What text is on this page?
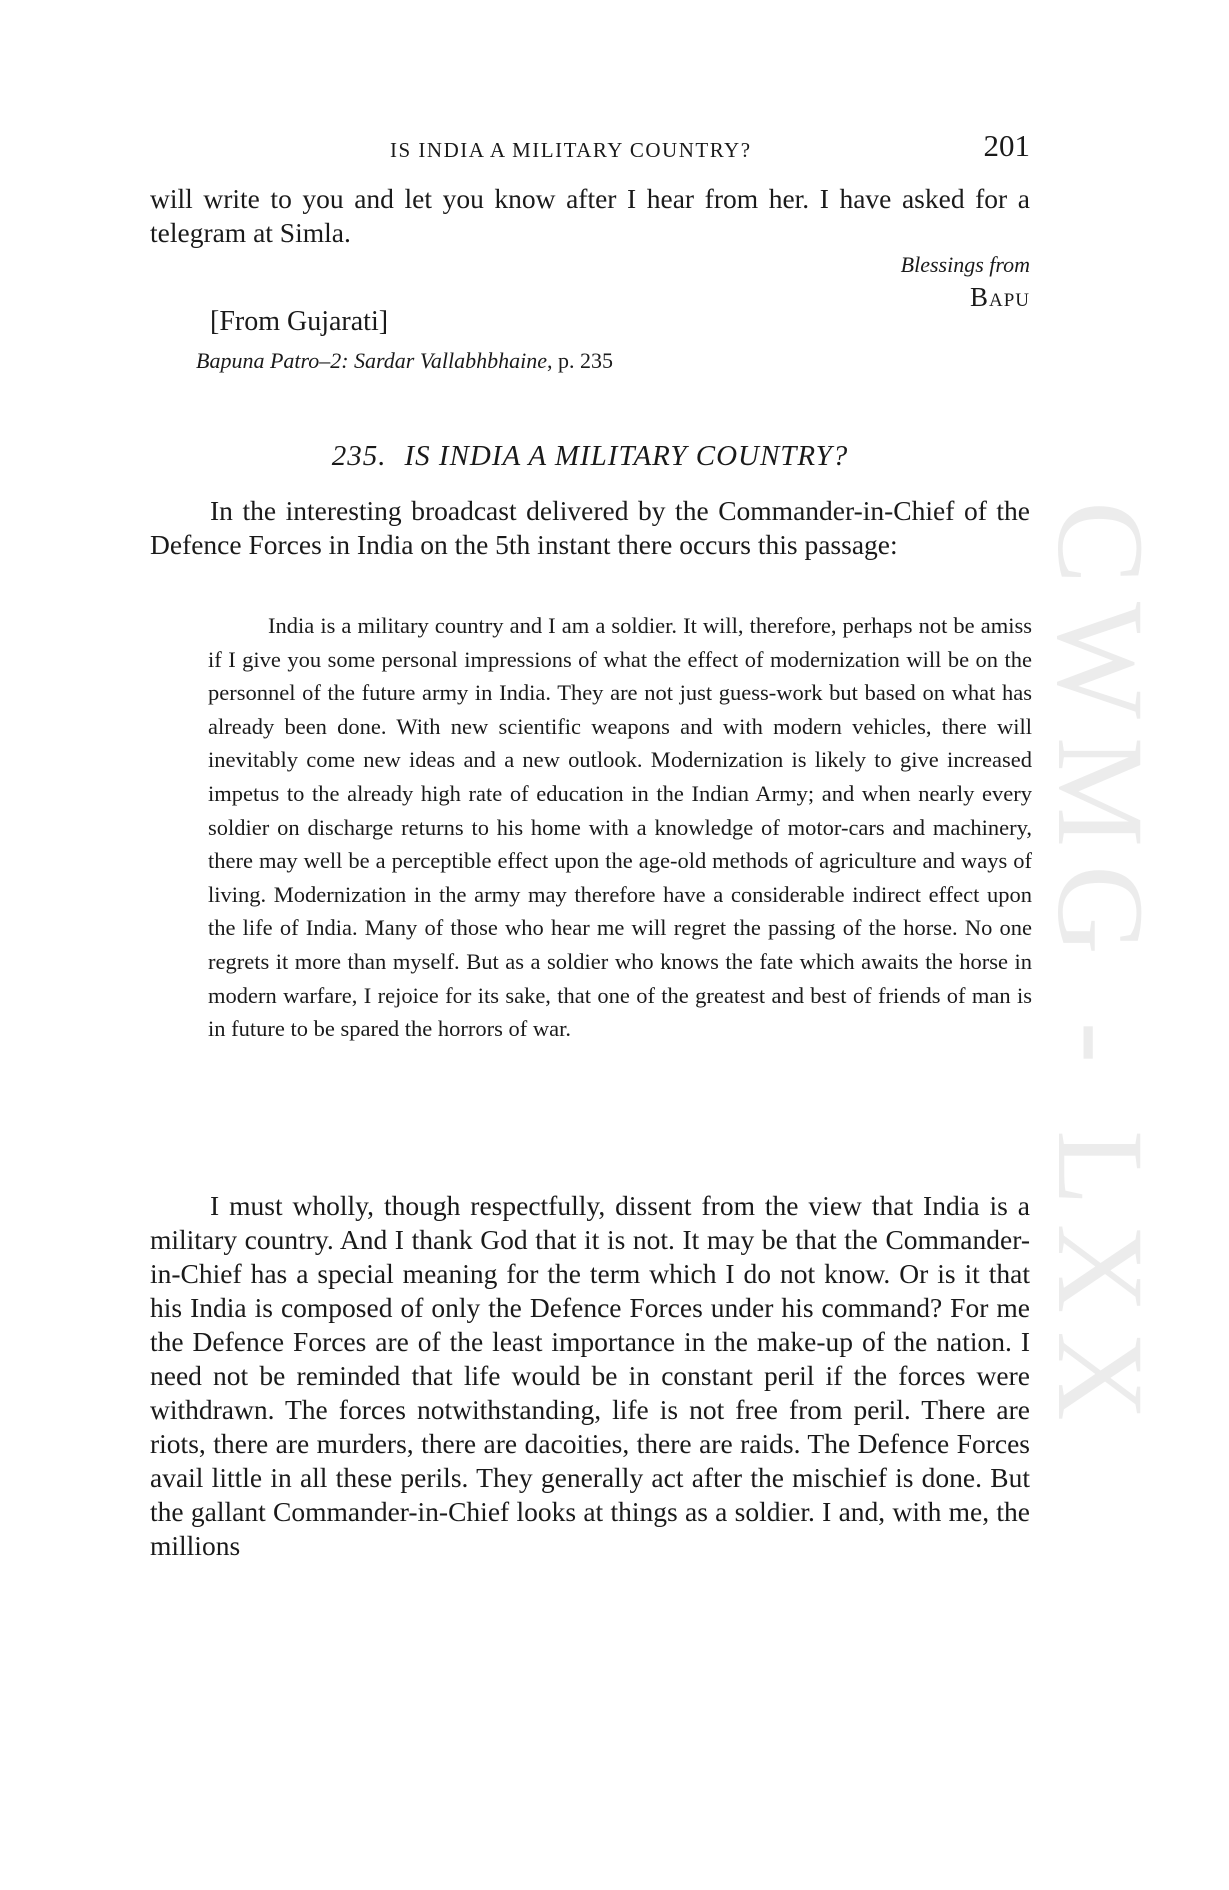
CWMG - LXX
IS INDIA A MILITARY COUNTRY?	201

will write to you and let you know after I hear from her. I have asked for a telegram at Simla.

Blessings from
Bapu
[From Gujarati]
Bapuna Patro–2: Sardar Vallabhbhaine, p. 235
235. IS INDIA A MILITARY COUNTRY?

In the interesting broadcast delivered by the Commander-in-Chief of the Defence Forces in India on the 5th instant there occurs this passage:

India is a military country and I am a soldier. It will, therefore, perhaps not be amiss if I give you some personal impressions of what the effect of modernization will be on the personnel of the future army in India. They are not just guess-work but based on what has already been done. With new scientific weapons and with modern vehicles, there will inevitably come new ideas and a new outlook. Modernization is likely to give increased impetus to the already high rate of education in the Indian Army; and when nearly every soldier on discharge returns to his home with a knowledge of motor-cars and machinery, there may well be a perceptible effect upon the age-old methods of agriculture and ways of living. Modernization in the army may therefore have a considerable indirect effect upon the life of India. Many of those who hear me will regret the passing of the horse. No one regrets it more than myself. But as a soldier who knows the fate which awaits the horse in modern warfare, I rejoice for its sake, that one of the greatest and best of friends of man is in future to be spared the horrors of war.

I must wholly, though respectfully, dissent from the view that India is a military country. And I thank God that it is not. It may be that the Commander-in-Chief has a special meaning for the term which I do not know. Or is it that his India is composed of only the Defence Forces under his command? For me the Defence Forces are of the least importance in the make-up of the nation. I need not be reminded that life would be in constant peril if the forces were withdrawn. The forces notwithstanding, life is not free from peril. There are riots, there are murders, there are dacoities, there are raids. The Defence Forces avail little in all these perils. They generally act after the mischief is done. But the gallant Commander-in-Chief looks at things as a soldier. I and, with me, the millions
